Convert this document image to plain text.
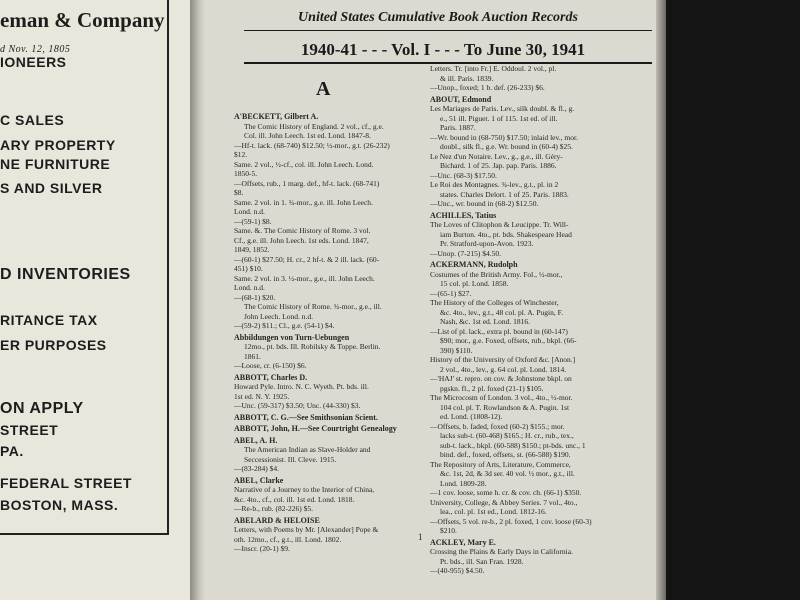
eman & Company
d Nov. 12, 1805
IONEERS
C SALES
ARY PROPERTY
NE FURNITURE
S AND SILVER
D INVENTORIES
RITANCE TAX
ER PURPOSES
ON APPLY
STREET
PA.
FEDERAL STREET
BOSTON, MASS.
United States Cumulative Book Auction Records
1940-41 - - - Vol. I - - - To June 30, 1941
A
A'BECKETT, Gilbert A.
The Comic History of England. 2 vol., cf., g.e.
Col. ill. John Leech. 1st ed. Lond. 1847-8.
—Hf-t. lack. (68-740) $12.50; ½-mor., g.t. (26-232)
$12.
Same. 2 vol., ½-cf., col. ill. John Leech. Lond.
1850-5.
—Offsets, rub., 1 marg. def., hf-t. lack. (68-741)
$8.
Same. 2 vol. in 1. ¾-mor., g.e. ill. John Leech.
Lond. n.d.
—(59-1) $8.
Same. &. The Comic History of Rome. 3 vol.
Cf., g.e. ill. John Leech. 1st eds. Lond. 1847,
1849, 1852.
—(60-1) $27.50; H. cr., 2 hf-t. & 2 ill. lack. (60-
451) $10.
Same. 2 vol. in 3. ½-mor., g.e., ill. John Leech.
Lond. n.d.
—(68-1) $20.
The Comic History of Rome. ¾-mor., g.e., ill.
John Leech. Lond. n.d.
—(59-2) $11.; Cl., g.e. (54-1) $4.
Abbildungen von Turn-Uebungen
12mo., pt. bds. Ill. Robilsky & Toppe. Berlin.
1861.
—Loose, cr. (6-150) $6.
ABBOTT, Charles D.
Howard Pyle. Intro. N. C. Wyeth. Pt. bds. ill.
1st ed. N. Y. 1925.
—Unc. (59-317) $3.50; Unc. (44-330) $3.
ABBOTT, C. G.—See Smithsonian Scient.
ABBOTT, John, H.—See Courtright Genealogy
ABEL, A. H.
The American Indian as Slave-Holder and
Seccessionist. Ill. Cleve. 1915.
—(83-284) $4.
ABEL, Clarke
Narrative of a Journey to the Interior of China,
&c. 4to., cf., col. ill. 1st ed. Lond. 1818.
—Re-b., rub. (82-226) $5.
ABELARD & HELOISE
Letters, with Poems by Mr. [Alexander] Pope &
oth. 12mo., cf., g.t., ill. Lond. 1802.
—Inscr. (20-1) $9.
Letters. Tr. [into Fr.] E. Oddoul. 2 vol., pl.
& ill. Paris. 1839.
—Unop., foxed; 1 b. def. (26-233) $6.
ABOUT, Edmond
Les Mariages de Paris. Lev., silk doubl. & fl., g.
e., 51 ill. Piguet. 1 of 115. 1st ed. of ill.
Paris. 1887.
—Wr. bound in (68-750) $17.50; inlaid lev., mor.
doubl., silk fl., g.e. Wr. bound in (60-4) $25.
Le Nez d'un Notaire. Lev., g., g.e., ill. Géry-
Bichard. 1 of 25. Jap. pap. Paris. 1886.
—Unc. (68-3) $17.50.
Le Roi des Montagnes. ¾-lev., g.t., pl. in 2
states. Charles Delort. 1 of 25. Paris. 1883.
—Unc., wr. bound in (68-2) $12.50.
ACHILLES, Tatius
The Loves of Clitophon & Leucippe. Tr. Will-
iam Burton. 4to., pt. bds. Shakespeare Head
Pr. Stratford-upon-Avon. 1923.
—Unop. (7-215) $4.50.
ACKERMANN, Rudolph
Costumes of the British Army. Fol., ½-mor.,
15 col. pl. Lond. 1858.
—(65-1) $27.
The History of the Colleges of Winchester,
&c. 4to., lev., g.t., 48 col. pl. A. Pugin, F.
Nash, &c. 1st ed. Lond. 1816.
—List of pl. lack., extra pl. bound in (60-147)
$90; mor., g.e. Foxed, offsets, rub., bkpl. (66-
390) $110.
History of the University of Oxford &c. [Anon.]
2 vol., 4to., lev., g. 64 col. pl. Lond. 1814.
—'HAJ' st. repro. on cov. & Johnstone bkpl. on
pgskn. fl., 2 pl. foxed (21-1) $105.
The Microcosm of London. 3 vol., 4to., ½-mor.
104 col. pl. T. Rowlandson & A. Pugin. 1st
ed. Lond. (1808-12).
—Offsets, b. faded, foxed (60-2) $155.; mor.
lacks sub-t. (60-468) $165.; H. cr., rub., tex.,
sub-t. lack., bkpl. (60-588) $150.; pt-bds. unc., 1
bind. def., foxed, offsets, st. (66-588) $190.
The Repository of Arts, Literature, Commerce,
&c. 1st, 2d, & 3d ser. 40 vol. ½ mor., g.t., ill.
Lond. 1809-28.
—1 cov. loose, some h. cr. & cov. ch. (66-1) $350.
University, College, & Abbey Series. 7 vol., 4to.,
lea., col. pl. 1st ed., Lond. 1812-16.
—Offsets, 5 vol. re-b., 2 pl. foxed, 1 cov. loose (60-3)
$210.
ACKLEY, Mary E.
Crossing the Plains & Early Days in California.
Pt. bds., ill. San Fran. 1928.
—(40-955) $4.50.
1
